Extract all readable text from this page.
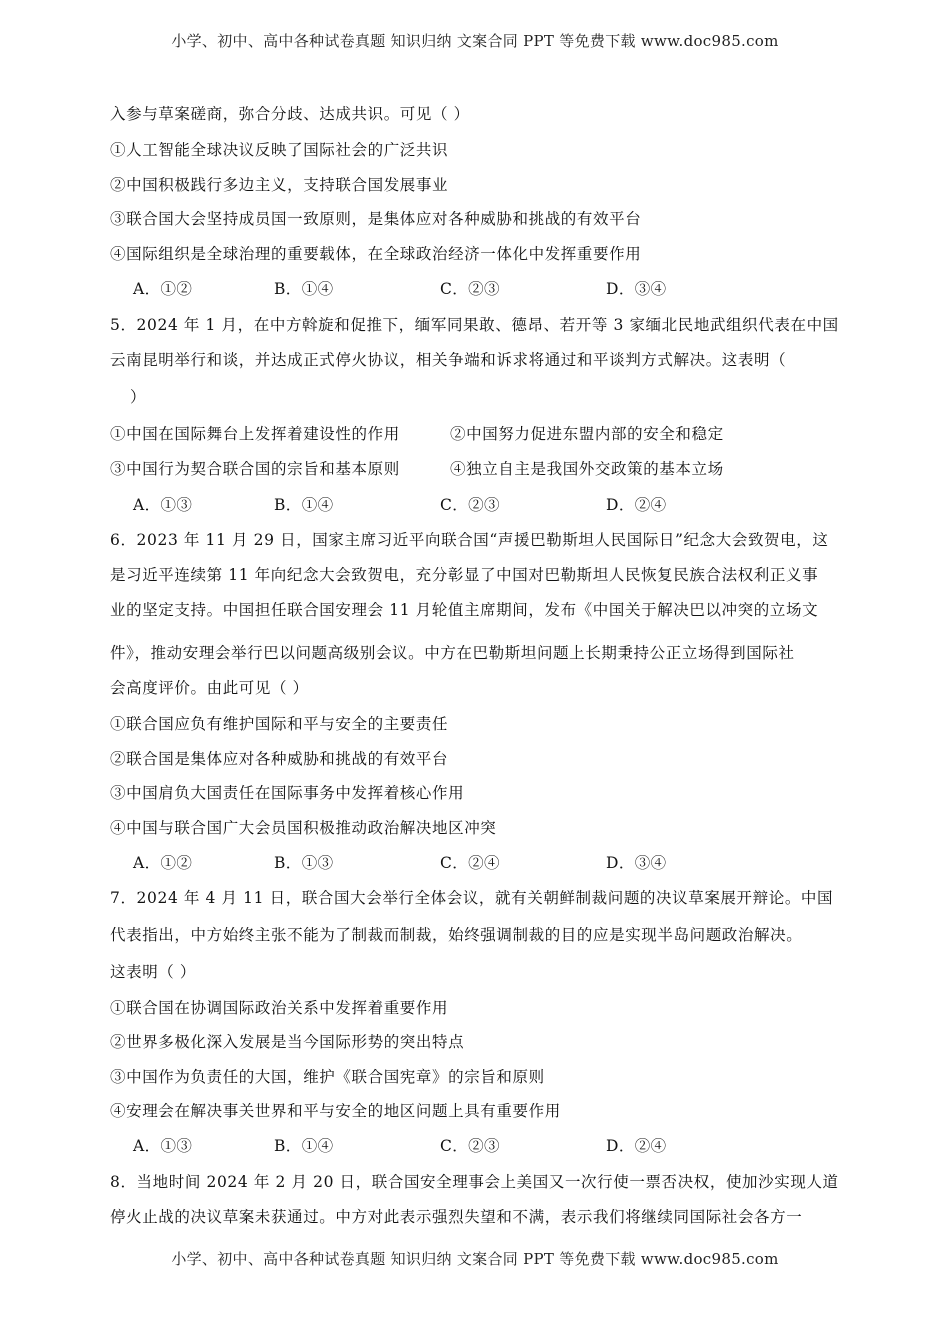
小学、初中、高中各种试卷真题 知识归纳 文案合同 PPT 等免费下载 www.doc985.com
入参与草案磋商，弥合分歧、达成共识。可见（ ）
①人工智能全球决议反映了国际社会的广泛共识
②中国积极践行多边主义，支持联合国发展事业
③联合国大会坚持成员国一致原则，是集体应对各种威胁和挑战的有效平台
④国际组织是全球治理的重要载体，在全球政治经济一体化中发挥重要作用
A．①②	B．①④	C．②③	D．③④
5．2024 年 1 月，在中方斡旋和促推下，缅军同果敢、德昂、若开等 3 家缅北民地武组织代表在中国
云南昆明举行和谈，并达成正式停火协议，相关争端和诉求将通过和平谈判方式解决。这表明（
）
①中国在国际舞台上发挥着建设性的作用	②中国努力促进东盟内部的安全和稳定
③中国行为契合联合国的宗旨和基本原则	④独立自主是我国外交政策的基本立场
A．①③	B．①④	C．②③	D．②④
6．2023 年 11 月 29 日，国家主席习近平向联合国“声援巴勒斯坦人民国际日”纪念大会致贺电，这
是习近平连续第 11 年向纪念大会致贺电，充分彰显了中国对巴勒斯坦人民恢复民族合法权利正义事
业的坚定支持。中国担任联合国安理会 11 月轮值主席期间，发布《中国关于解决巴以冲突的立场文
件》，推动安理会举行巴以问题高级别会议。中方在巴勒斯坦问题上长期秉持公正立场得到国际社
会高度评价。由此可见（ ）
①联合国应负有维护国际和平与安全的主要责任
②联合国是集体应对各种威胁和挑战的有效平台
③中国肩负大国责任在国际事务中发挥着核心作用
④中国与联合国广大会员国积极推动政治解决地区冲突
A．①②	B．①③	C．②④	D．③④
7．2024 年 4 月 11 日，联合国大会举行全体会议，就有关朝鲜制裁问题的决议草案展开辩论。中国
代表指出，中方始终主张不能为了制裁而制裁，始终强调制裁的目的应是实现半岛问题政治解决。
这表明（ ）
①联合国在协调国际政治关系中发挥着重要作用
②世界多极化深入发展是当今国际形势的突出特点
③中国作为负责任的大国，维护《联合国宪章》的宗旨和原则
④安理会在解决事关世界和平与安全的地区问题上具有重要作用
A．①③	B．①④	C．②③	D．②④
8．当地时间 2024 年 2 月 20 日，联合国安全理事会上美国又一次行使一票否决权，使加沙实现人道
停火止战的决议草案未获通过。中方对此表示强烈失望和不满，表示我们将继续同国际社会各方一
小学、初中、高中各种试卷真题 知识归纳 文案合同 PPT 等免费下载 www.doc985.com
